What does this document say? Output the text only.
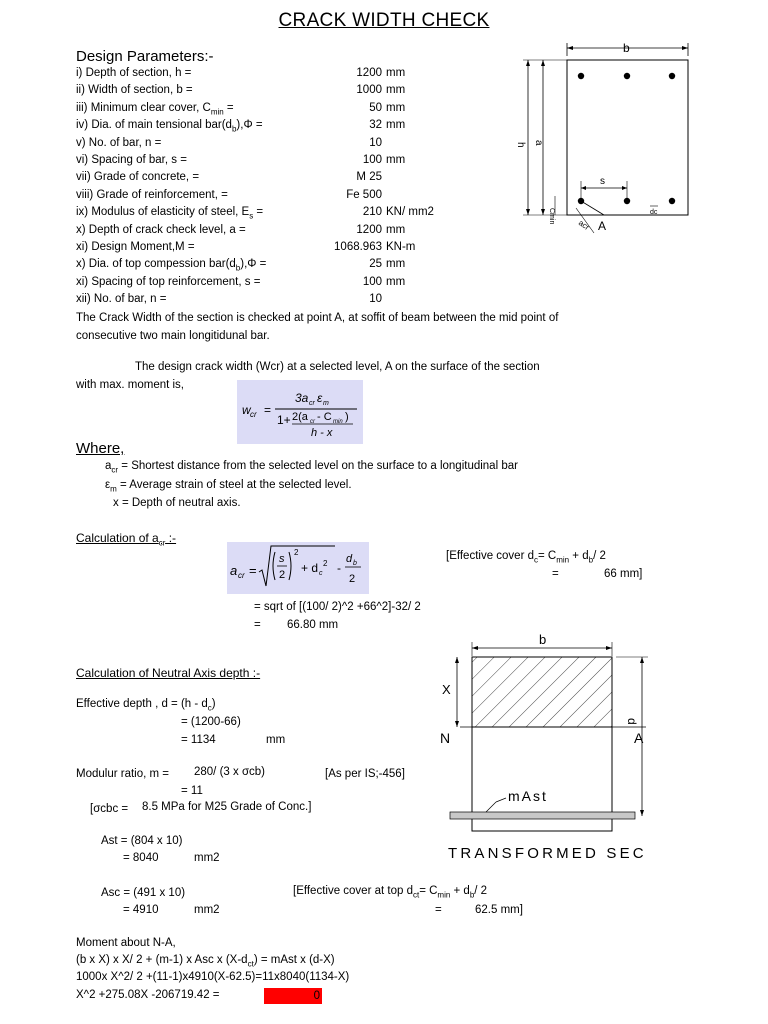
CRACK WIDTH CHECK
Design Parameters:-
i) Depth of section, h =	1200 mm
ii) Width of section, b =	1000 mm
iii) Minimum clear cover, $C_{min}$ =	50 mm
iv) Dia. of main tensional $bar(d_b),\Phi$ =	32 mm
v) No. of bar, n =	10
vi) Spacing of bar, s =	100 mm
vii) Grade of concrete, =	M 25
viii) Grade of reinforcement, =	Fe 500
ix) Modulus of elasticity of steel, $E_s$ =	210 KN/ mm2
x) Depth of crack check level, a =	1200 mm
xi) Design Moment,M =	1068.963 KN-m
x) Dia. of top compession $bar(d_b),\Phi$ =	25 mm
xi) Spacing of top reinforcement, s =	100 mm
xii) No. of bar, n =	10
The Crack Width of the section is checked at point A, at soffit of beam between the mid point of
consecutive two main longitidunal bar.
The design crack width (Wcr) at a selected level, A on the surface of the section
with max. moment is,
w cr =
3a cr ε m
1+ 2(a cr - C min )
h - x
Where,
$a_{cr}$ = Shortest distance from the selected level on the surface to a longitudinal bar
$\varepsilon_m$ = Average strain of steel at the selected level.
x = Depth of neutral axis.
Calculation of $a_{cr}$ :-
a cr =
s
2
2
+ d c
2 -
d b
2
[Effective cover $d_c= C_{min} + d_b/$ 2
=	66 mm]
= sqrt of [(100/ 2)^2 +66^2]-32/ 2
= 66.80 mm
Calculation of Neutral Axis depth :-
Effective depth , $d = (h - d_c)$
= (1200-66)
= 1134	mm
Modulur ratio, m = 280/ (3 x σcb)	[As per IS;-456]
= 11
[σcbc = 8.5 MPa for M25 Grade of Conc.]
Ast = (804 x 10)
= 8040	mm2
Asc = (491 x 10)
= 4910	mm2
[Effective cover at top $d_{ct}= C_{min} + d_b/$ 2
=	62.5 mm]
Moment about N-A,
(b x X) x X/ 2 + (m-1) x Asc x $(X-d_{ct})$ = mAst x (d-X)
1000x X^2/ 2 +(11-1)x4910(X-62.5)=11x8040(1134-X)
X^2 +275.08X -206719.42 =	0
b
h a
s
acr A
Cmin	dc
b
X
N	A
d
mAst
TRANSFORMED SEC
